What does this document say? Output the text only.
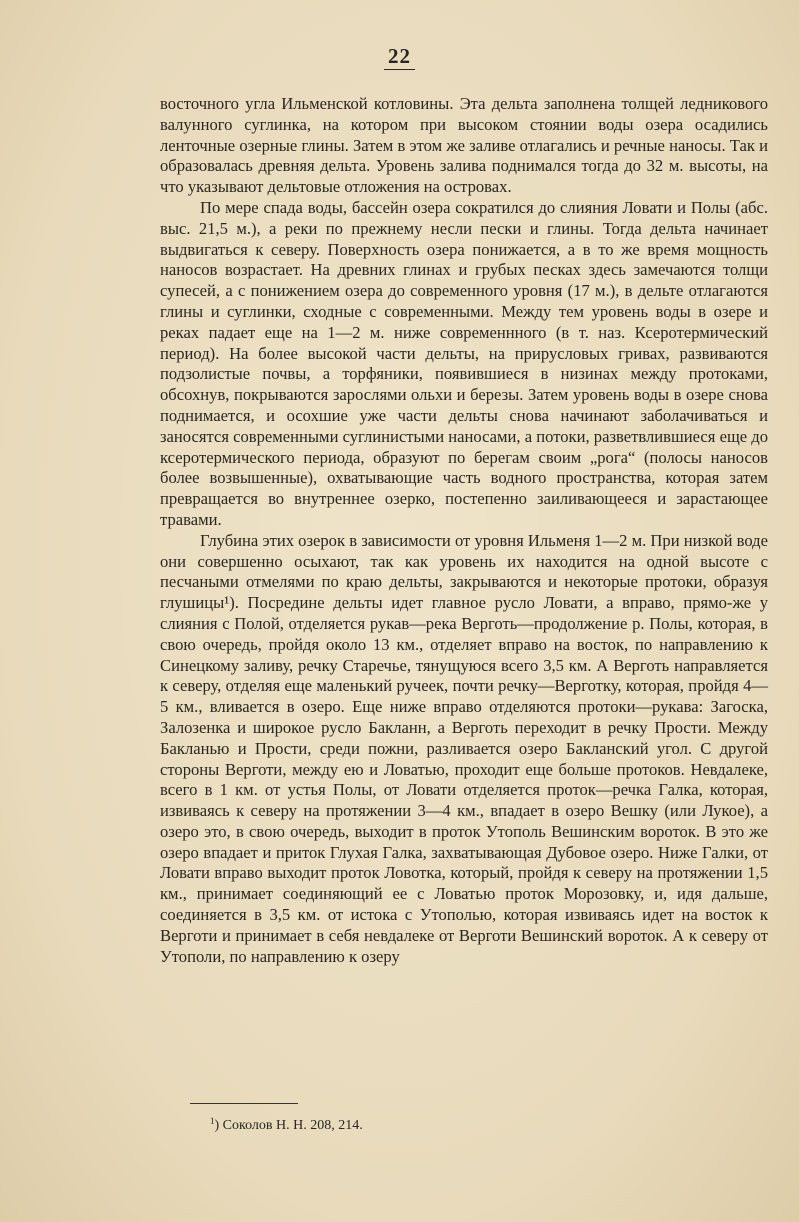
22

восточного угла Ильменской котловины. Эта дельта заполнена толщей ледникового валунного суглинка, на котором при высоком стоянии воды озера осадились ленточные озерные глины. Затем в этом же заливе отлагались и речные наносы. Так и образовалась древняя дельта. Уровень залива поднимался тогда до 32 м. высоты, на что указывают дельтовые отложения на островах.

По мере спада воды, бассейн озера сократился до слияния Ловати и Полы (абс. выс. 21,5 м.), а реки по прежнему несли пески и глины. Тогда дельта начинает выдвигаться к северу. Поверхность озера понижается, а в то же время мощность наносов возрастает. На древних глинах и грубых песках здесь замечаются толщи супесей, а с понижением озера до современного уровня (17 м.), в дельте отлагаются глины и суглинки, сходные с современными. Между тем уровень воды в озере и реках падает еще на 1—2 м. ниже современнного (в т. наз. Ксеротермический период). На более высокой части дельты, на прирусловых гривах, развиваются подзолистые почвы, а торфяники, появившиеся в низинах между протоками, обсохнув, покрываются зарослями ольхи и березы. Затем уровень воды в озере снова поднимается, и осохшие уже части дельты снова начинают заболачиваться и заносятся современными суглинистыми наносами, а потоки, разветвлившиеся еще до ксеротермического периода, образуют по берегам своим „рога“ (полосы наносов более возвышенные), охватывающие часть водного пространства, которая затем превращается во внутреннее озерко, постепенно заиливающееся и зарастающее травами.

Глубина этих озерок в зависимости от уровня Ильменя 1—2 м. При низкой воде они совершенно осыхают, так как уровень их находится на одной высоте с песчаными отмелями по краю дельты, закрываются и некоторые протоки, образуя глушицы¹). Посредине дельты идет главное русло Ловати, а вправо, прямо-же у слияния с Полой, отделяется рукав—река Верготь—продолжение р. Полы, которая, в свою очередь, пройдя около 13 км., отделяет вправо на восток, по направлению к Синецкому заливу, речку Старечье, тянущуюся всего 3,5 км. А Верготь направляется к северу, отделяя еще маленький ручеек, почти речку—Верготку, которая, пройдя 4—5 км., вливается в озеро. Еще ниже вправо отделяются протоки—рукава: Загоска, Залозенка и широкое русло Бакланн, а Верготь переходит в речку Прости. Между Бакланью и Прости, среди пожни, разливается озеро Бакланский угол. С другой стороны Верготи, между ею и Ловатью, проходит еще больше протоков. Невдалеке, всего в 1 км. от устья Полы, от Ловати отделяется проток—речка Галка, которая, извиваясь к северу на протяжении 3—4 км., впадает в озеро Вешку (или Лукое), а озеро это, в свою очередь, выходит в проток Утополь Вешинским вороток. В это же озеро впадает и приток Глухая Галка, захватывающая Дубовое озеро. Ниже Галки, от Ловати вправо выходит проток Ловотка, который, пройдя к северу на протяжении 1,5 км., принимает соединяющий ее с Ловатью проток Морозовку, и, идя дальше, соединяется в 3,5 км. от истока с Утополью, которая извиваясь идет на восток к Верготи и принимает в себя невдалеке от Верготи Вешинский вороток. А к северу от Утополи, по направлению к озеру

$^1$) Соколов Н. Н. 208, 214.
